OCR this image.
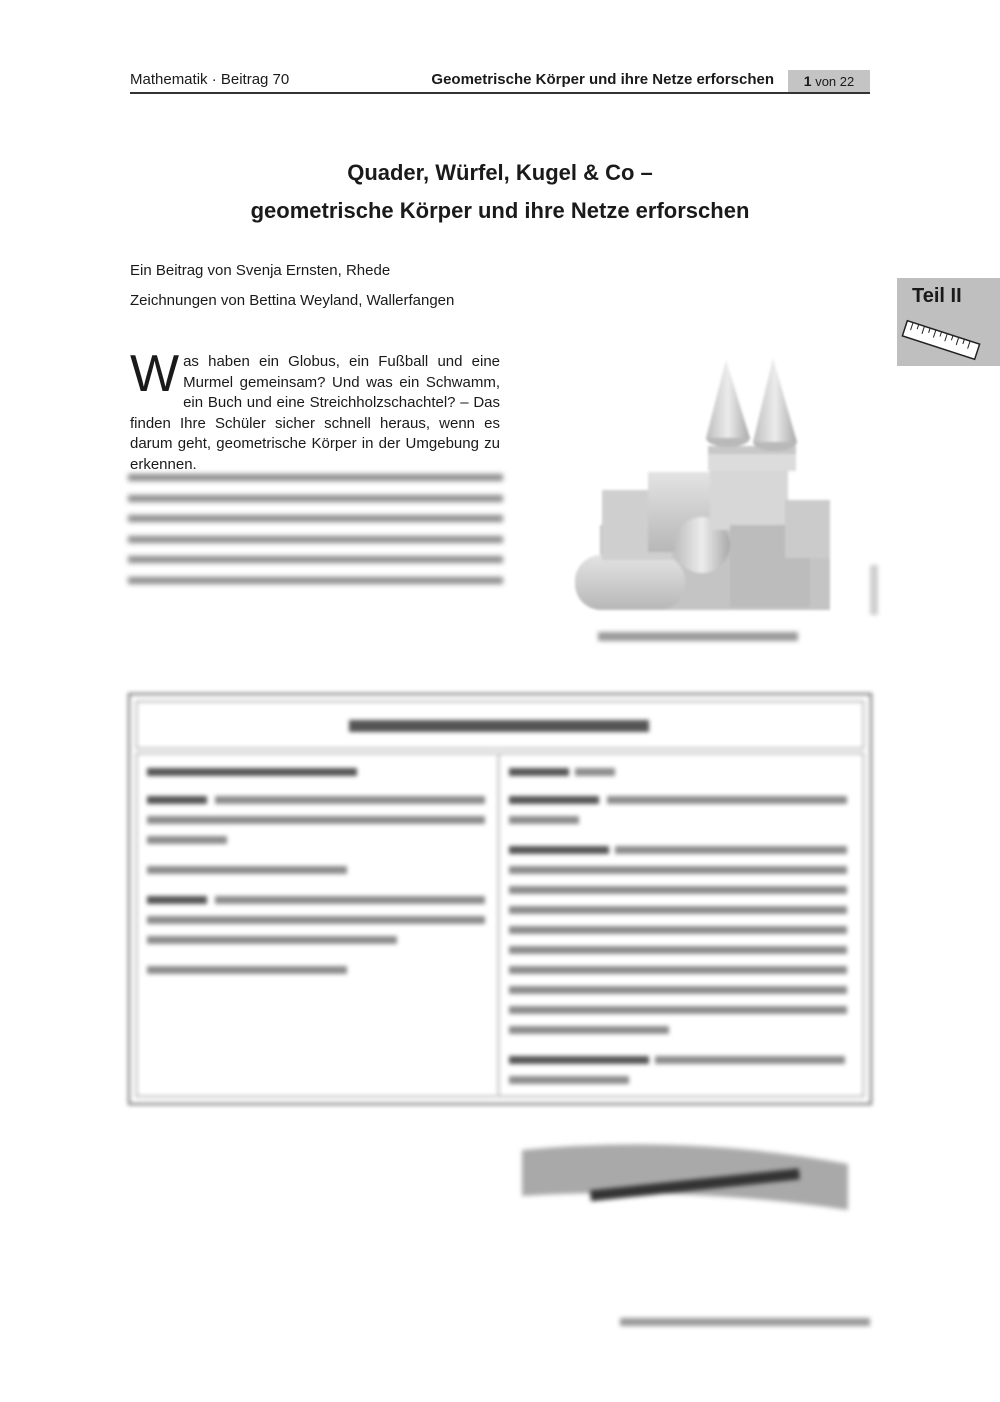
Mathematik · Beitrag 70	Geometrische Körper und ihre Netze erforschen	1 von 22
Quader, Würfel, Kugel & Co –
geometrische Körper und ihre Netze erforschen
Ein Beitrag von Svenja Ernsten, Rhede
Zeichnungen von Bettina Weyland, Wallerfangen	Teil II
Was haben ein Globus, ein Fußball und eine Murmel gemeinsam? Und was ein Schwamm, ein Buch und eine Streichholzschachtel? – Das finden Ihre Schüler sicher schnell heraus, wenn es darum geht, geometrische Körper in der Umgebung zu erkennen.
